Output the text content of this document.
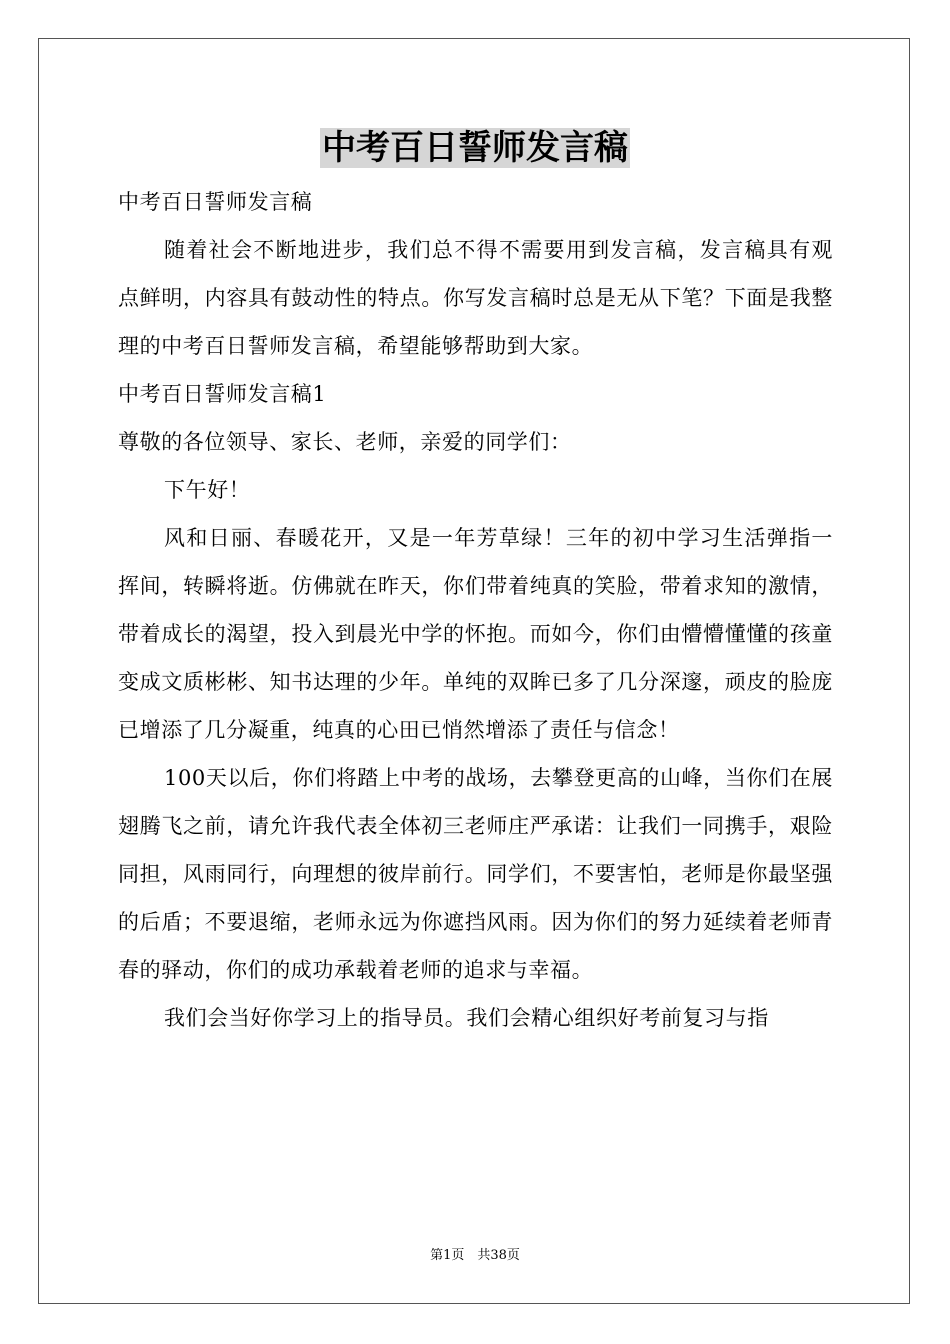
中考百日誓师发言稿

中考百日誓师发言稿

随着社会不断地进步，我们总不得不需要用到发言稿，发言稿具有观点鲜明，内容具有鼓动性的特点。你写发言稿时总是无从下笔？下面是我整理的中考百日誓师发言稿，希望能够帮助到大家。

中考百日誓师发言稿1

尊敬的各位领导、家长、老师，亲爱的同学们：

下午好！

风和日丽、春暖花开，又是一年芳草绿！三年的初中学习生活弹指一挥间，转瞬将逝。仿佛就在昨天，你们带着纯真的笑脸，带着求知的激情，带着成长的渴望，投入到晨光中学的怀抱。而如今，你们由懵懵懂懂的孩童变成文质彬彬、知书达理的少年。单纯的双眸已多了几分深邃，顽皮的脸庞已增添了几分凝重，纯真的心田已悄然增添了责任与信念！

100天以后，你们将踏上中考的战场，去攀登更高的山峰，当你们在展翅腾飞之前，请允许我代表全体初三老师庄严承诺：让我们一同携手，艰险同担，风雨同行，向理想的彼岸前行。同学们，不要害怕，老师是你最坚强的后盾；不要退缩，老师永远为你遮挡风雨。因为你们的努力延续着老师青春的驿动，你们的成功承载着老师的追求与幸福。

我们会当好你学习上的指导员。我们会精心组织好考前复习与指

第1页　共38页
